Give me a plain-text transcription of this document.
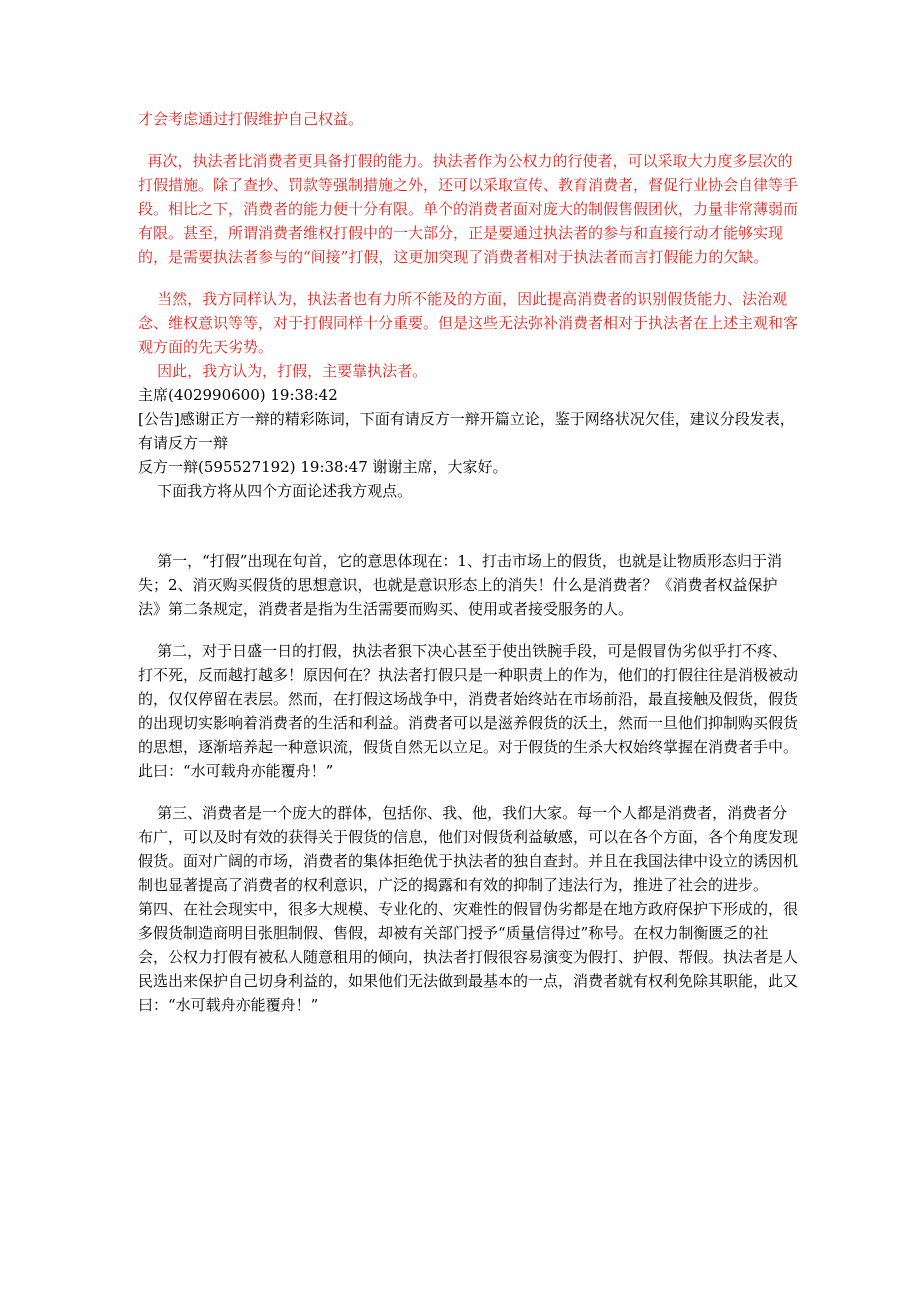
才会考虑通过打假维护自己权益。

再次，执法者比消费者更具备打假的能力。执法者作为公权力的行使者，可以采取大力度多层次的打假措施。除了查抄、罚款等强制措施之外，还可以采取宣传、教育消费者，督促行业协会自律等手段。相比之下，消费者的能力便十分有限。单个的消费者面对庞大的制假售假团伙，力量非常薄弱而有限。甚至，所谓消费者维权打假中的一大部分，正是要通过执法者的参与和直接行动才能够实现的，是需要执法者参与的“间接”打假，这更加突现了消费者相对于执法者而言打假能力的欠缺。

当然，我方同样认为，执法者也有力所不能及的方面，因此提高消费者的识别假货能力、法治观念、维权意识等等，对于打假同样十分重要。但是这些无法弥补消费者相对于执法者在上述主观和客观方面的先天劣势。

因此，我方认为，打假，主要靠执法者。

主席(402990600) 19:38:42

[公告]感谢正方一辩的精彩陈词，下面有请反方一辩开篇立论，鉴于网络状况欠佳，建议分段发表，有请反方一辩

反方一辩(595527192) 19:38:47 谢谢主席，大家好。

下面我方将从四个方面论述我方观点。

第一，“打假”出现在句首，它的意思体现在：1、打击市场上的假货，也就是让物质形态归于消失；2、消灭购买假货的思想意识，也就是意识形态上的消失！什么是消费者？《消费者权益保护法》第二条规定，消费者是指为生活需要而购买、使用或者接受服务的人。

第二，对于日盛一日的打假，执法者狠下决心甚至于使出铁腕手段，可是假冒伪劣似乎打不疼、打不死，反而越打越多！原因何在？执法者打假只是一种职责上的作为，他们的打假往往是消极被动的，仅仅停留在表层。然而，在打假这场战争中，消费者始终站在市场前沿，最直接触及假货，假货的出现切实影响着消费者的生活和利益。消费者可以是滋养假货的沃土，然而一旦他们抑制购买假货的思想，逐渐培养起一种意识流，假货自然无以立足。对于假货的生杀大权始终掌握在消费者手中。此曰：“水可载舟亦能覆舟！”

第三、消费者是一个庞大的群体，包括你、我、他，我们大家。每一个人都是消费者，消费者分布广，可以及时有效的获得关于假货的信息，他们对假货利益敏感，可以在各个方面，各个角度发现假货。面对广阔的市场，消费者的集体拒绝优于执法者的独自查封。并且在我国法律中设立的诱因机制也显著提高了消费者的权利意识，广泛的揭露和有效的抑制了违法行为，推进了社会的进步。

第四、在社会现实中，很多大规模、专业化的、灾难性的假冒伪劣都是在地方政府保护下形成的，很多假货制造商明目张胆制假、售假，却被有关部门授予“质量信得过”称号。在权力制衡匮乏的社会，公权力打假有被私人随意租用的倾向，执法者打假很容易演变为假打、护假、帮假。执法者是人民选出来保护自己切身利益的，如果他们无法做到最基本的一点，消费者就有权利免除其职能，此又曰：“水可载舟亦能覆舟！”
